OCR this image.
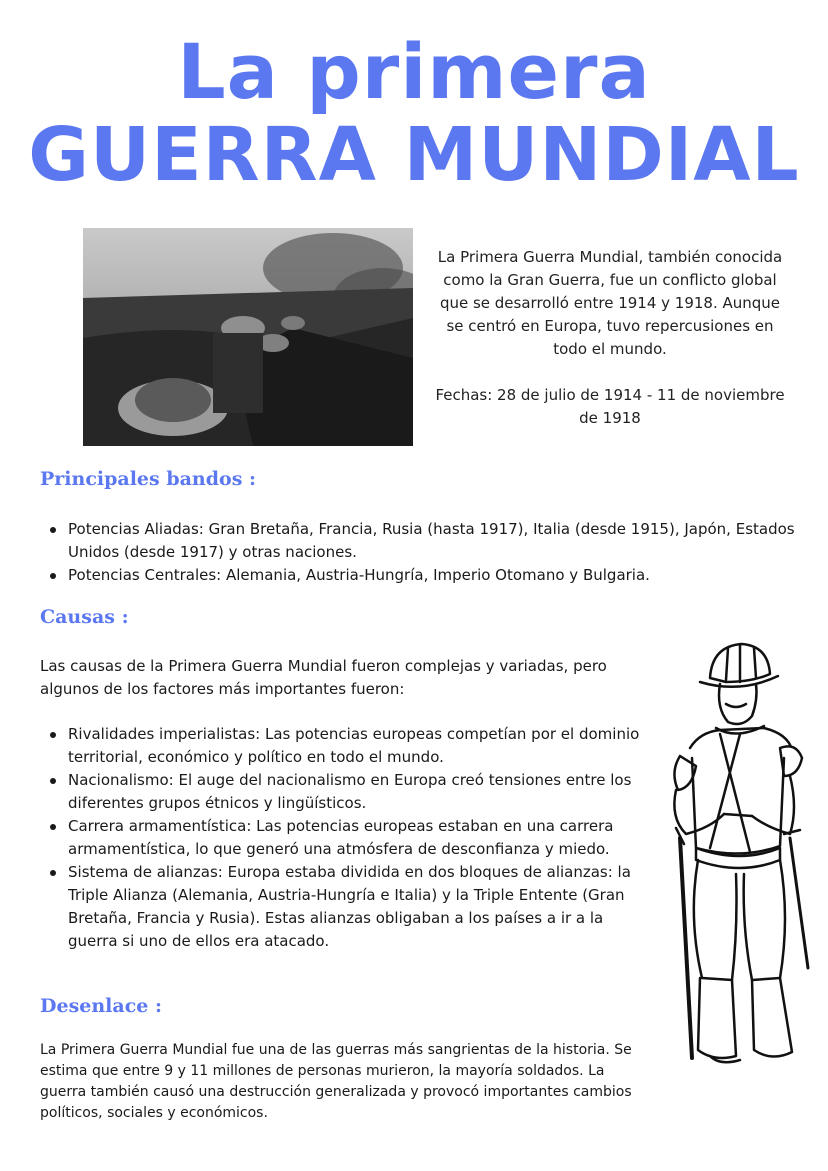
La primera
GUERRA MUNDIAL

La Primera Guerra Mundial, también conocida como la Gran Guerra, fue un conflicto global que se desarrolló entre 1914 y 1918. Aunque se centró en Europa, tuvo repercusiones en todo el mundo.

Fechas: 28 de julio de 1914 - 11 de noviembre de 1918

Principales bandos :
Potencias Aliadas: Gran Bretaña, Francia, Rusia (hasta 1917), Italia (desde 1915), Japón, Estados Unidos (desde 1917) y otras naciones.
Potencias Centrales: Alemania, Austria-Hungría, Imperio Otomano y Bulgaria.
Causas :

Las causas de la Primera Guerra Mundial fueron complejas y variadas, pero algunos de los factores más importantes fueron:

Rivalidades imperialistas: Las potencias europeas competían por el dominio territorial, económico y político en todo el mundo.
Nacionalismo: El auge del nacionalismo en Europa creó tensiones entre los diferentes grupos étnicos y lingüísticos.
Carrera armamentística: Las potencias europeas estaban en una carrera armamentística, lo que generó una atmósfera de desconfianza y miedo.
Sistema de alianzas: Europa estaba dividida en dos bloques de alianzas: la Triple Alianza (Alemania, Austria-Hungría e Italia) y la Triple Entente (Gran Bretaña, Francia y Rusia). Estas alianzas obligaban a los países a ir a la guerra si uno de ellos era atacado.
Desenlace :

La Primera Guerra Mundial fue una de las guerras más sangrientas de la historia. Se estima que entre 9 y 11 millones de personas murieron, la mayoría soldados. La guerra también causó una destrucción generalizada y provocó importantes cambios políticos, sociales y económicos.
